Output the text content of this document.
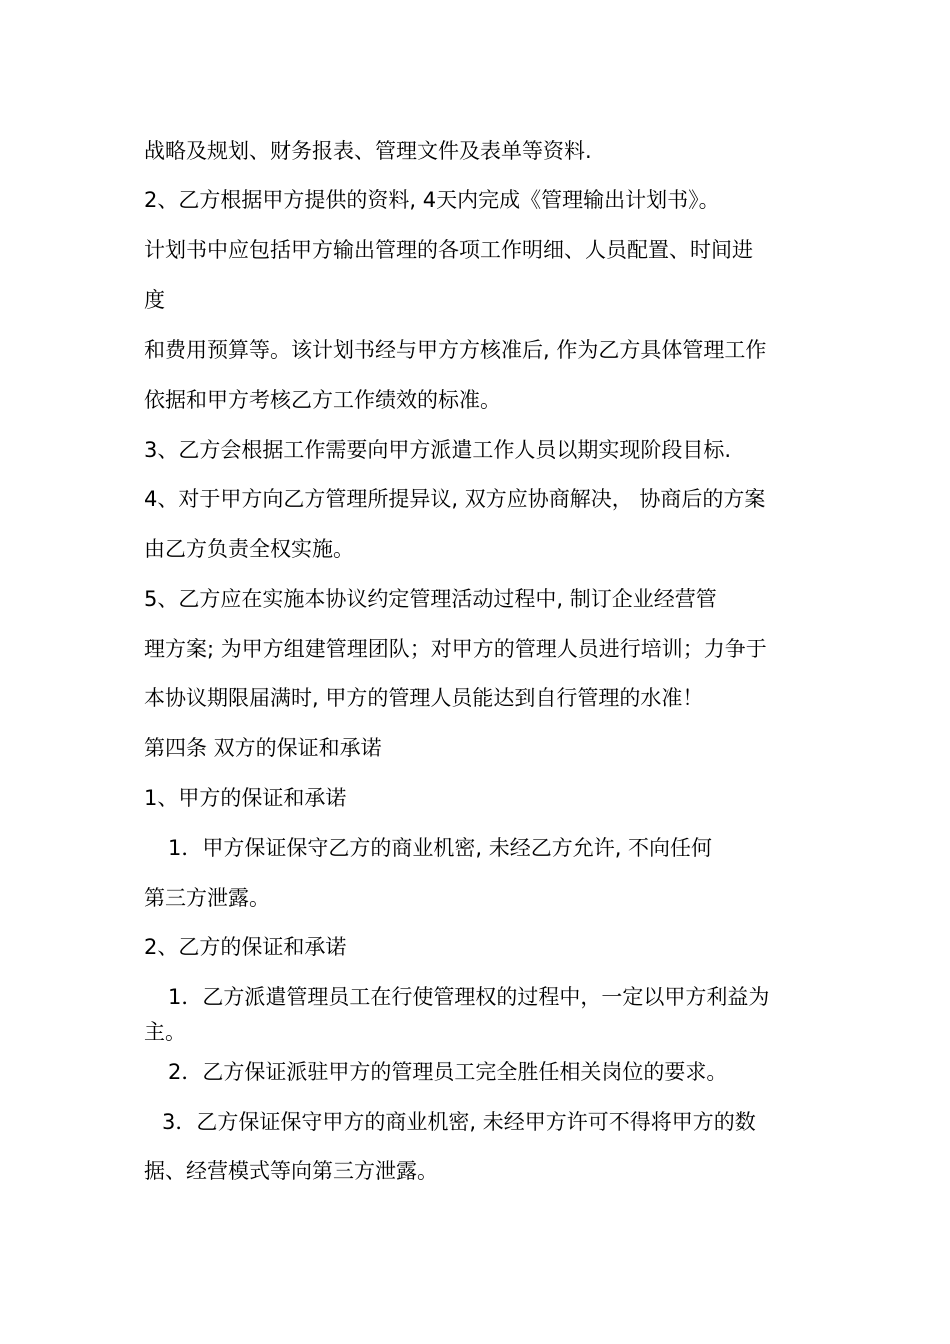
战略及规划、财务报表、管理文件及表单等资料.
2、乙方根据甲方提供的资料, 4天内完成《管理输出计划书》。
计划书中应包括甲方输出管理的各项工作明细、人员配置、时间进
度
和费用预算等。该计划书经与甲方方核准后, 作为乙方具体管理工作
依据和甲方考核乙方工作绩效的标准。
3、乙方会根据工作需要向甲方派遣工作人员以期实现阶段目标.
4、对于甲方向乙方管理所提异议, 双方应协商解决， 协商后的方案
由乙方负责全权实施。
5、乙方应在实施本协议约定管理活动过程中, 制订企业经营管
理方案; 为甲方组建管理团队；对甲方的管理人员进行培训；力争于
本协议期限届满时, 甲方的管理人员能达到自行管理的水准！
第四条 双方的保证和承诺
1、甲方的保证和承诺
1．甲方保证保守乙方的商业机密, 未经乙方允许, 不向任何
第三方泄露。
2、乙方的保证和承诺
1．乙方派遣管理员工在行使管理权的过程中，一定以甲方利益为
主。
2．乙方保证派驻甲方的管理员工完全胜任相关岗位的要求。
3．乙方保证保守甲方的商业机密, 未经甲方许可不得将甲方的数
据、经营模式等向第三方泄露。
